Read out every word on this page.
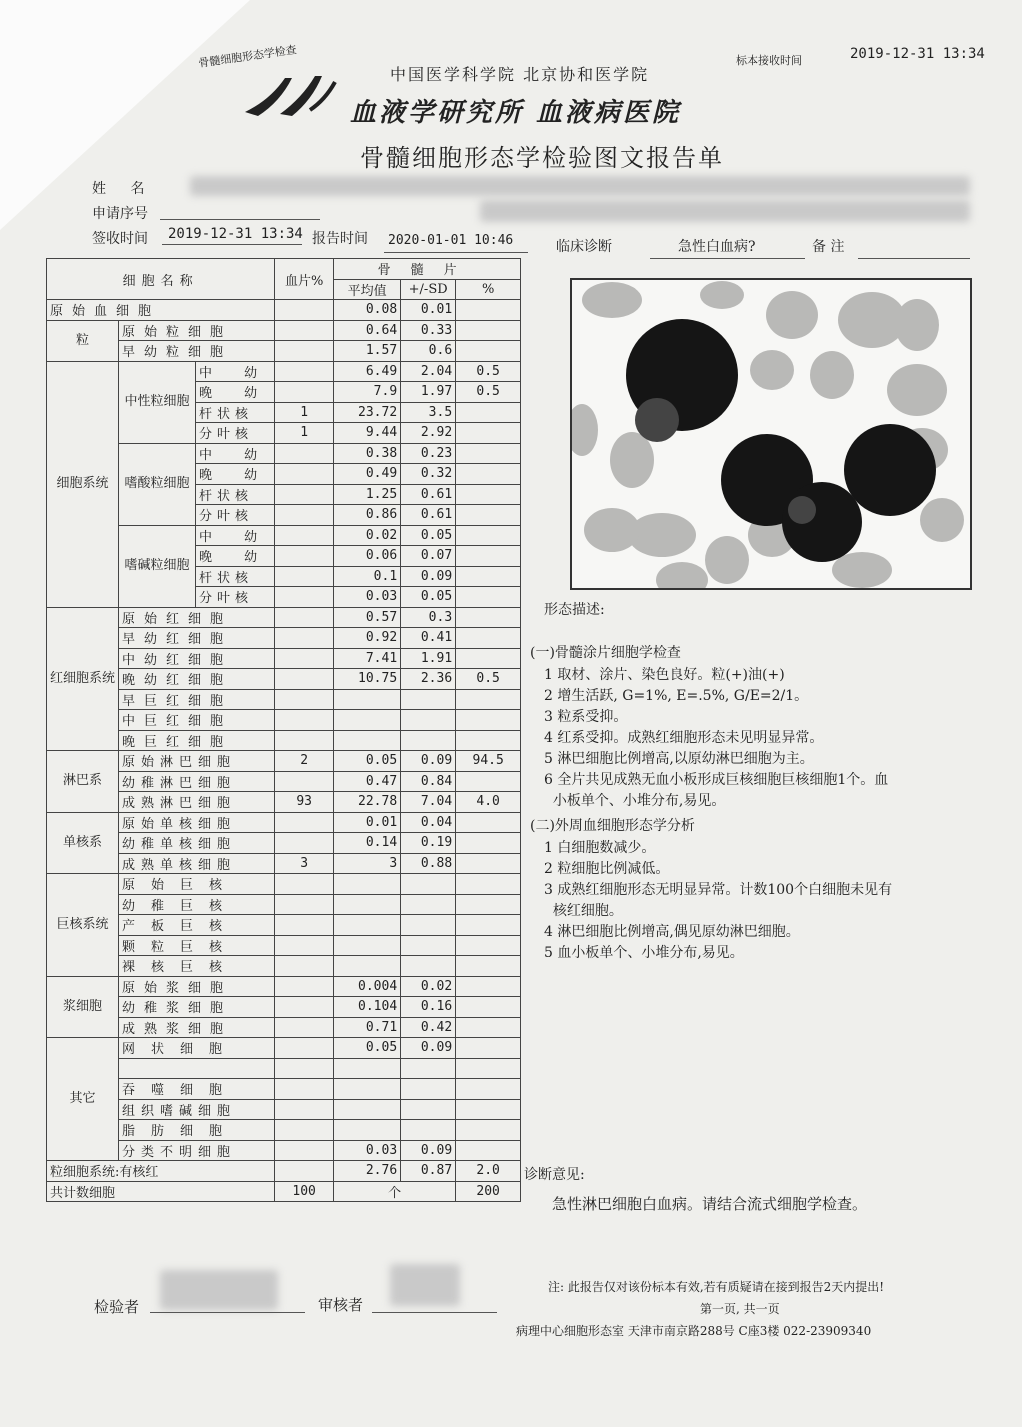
骨髓细胞形态学检查	标本接收时间	2019-12-31 13:34
中国医学科学院 北京协和医学院
血液学研究所 血液病医院
骨髓细胞形态学检验图文报告单
姓 名
申请序号
签收时间 2019-12-31 13:34 报告时间 2020-01-01 10:46	临床诊断	急性白血病?	备 注
细胞名称			血片%	骨髓片		
				平均值	+/-SD	%
原始血细胞				0.08	0.01	
粒	原始粒细胞			0.64	0.33	
	早幼粒细胞			1.57	0.6	
细胞系统	中性粒细胞	中 幼		6.49	2.04	0.5
		晚 幼		7.9	1.97	0.5
		杆状核	1	23.72	3.5	
		分叶核	1	9.44	2.92	
	嗜酸粒细胞	中 幼		0.38	0.23	
		晚 幼		0.49	0.32	
		杆状核		1.25	0.61	
		分叶核		0.86	0.61	
	嗜碱粒细胞	中 幼		0.02	0.05	
		晚 幼		0.06	0.07	
		杆状核		0.1	0.09	
		分叶核		0.03	0.05	
红细胞系统	原始红细胞			0.57	0.3	
	早幼红细胞			0.92	0.41	
	中幼红细胞			7.41	1.91	
	晚幼红细胞			10.75	2.36	0.5
	早巨红细胞					
	中巨红细胞					
	晚巨红细胞					
淋巴系	原始淋巴细胞		2	0.05	0.09	94.5
	幼稚淋巴细胞			0.47	0.84	
	成熟淋巴细胞		93	22.78	7.04	4.0
单核系	原始单核细胞			0.01	0.04	
	幼稚单核细胞			0.14	0.19	
	成熟单核细胞		3	3	0.88	
巨核系统	原始巨核					
	幼稚巨核					
	产板巨核					
	颗粒巨核					
	裸核巨核					
浆细胞	原始浆细胞			0.004	0.02	
	幼稚浆细胞			0.104	0.16	
	成熟浆细胞			0.71	0.42	
其它	网状细胞			0.05	0.09	

	吞噬细胞					
	组织嗜碱细胞					
	脂肪细胞					
	分类不明细胞			0.03	0.09	
粒细胞系统:有核红				2.76	0.87	2.0
共计数细胞			100	个		200
形态描述:
(一)骨髓涂片细胞学检查
1 取材、涂片、染色良好。粒(+)油(+)
2 增生活跃, G=1%, E=.5%, G/E=2/1。
3 粒系受抑。
4 红系受抑。成熟红细胞形态未见明显异常。
5 淋巴细胞比例增高,以原幼淋巴细胞为主。
6 全片共见成熟无血小板形成巨核细胞巨核细胞1个。血
小板单个、小堆分布,易见。
(二)外周血细胞形态学分析
1 白细胞数减少。
2 粒细胞比例减低。
3 成熟红细胞形态无明显异常。计数100个白细胞未见有
核红细胞。
4 淋巴细胞比例增高,偶见原幼淋巴细胞。
5 血小板单个、小堆分布,易见。
诊断意见:
急性淋巴细胞白血病。请结合流式细胞学检查。
检验者	审核者
注: 此报告仅对该份标本有效,若有质疑请在接到报告2天内提出!
第一页, 共一页
病理中心细胞形态室 天津市南京路288号 C座3楼 022-23909340
